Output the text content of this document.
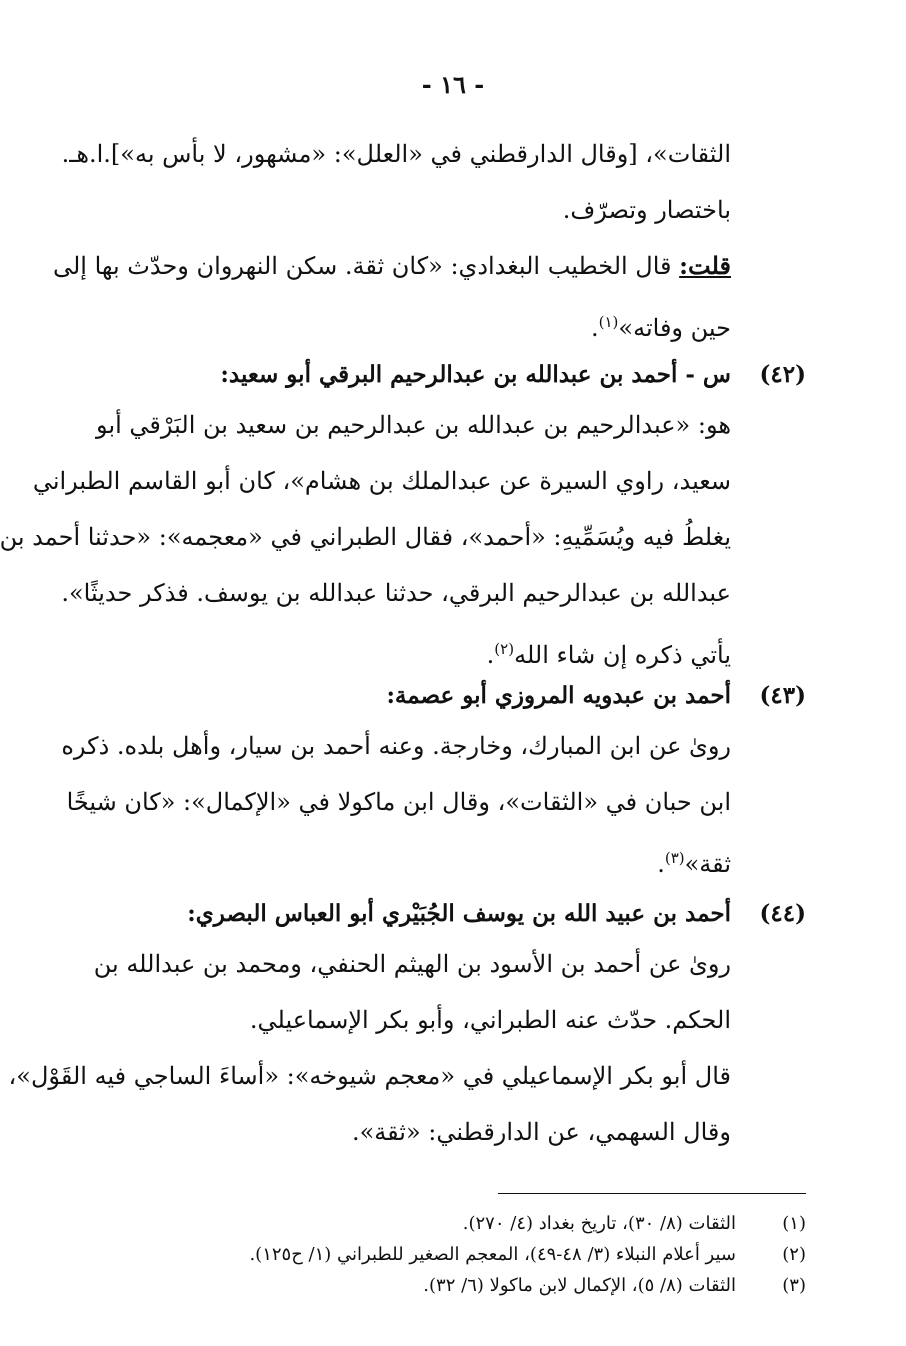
- ١٦ -
الثقات»، [وقال الدارقطني في «العلل»: «مشهور، لا بأس به»].ا.هـ.
باختصار وتصرّف.
قلت: قال الخطيب البغدادي: «كان ثقة. سكن النهروان وحدّث بها إلى
حين وفاته»$^{(١)}$.
(٤٢)
س - أحمد بن عبدالله بن عبدالرحيم البرقي أبو سعيد:
هو: «عبدالرحيم بن عبدالله بن عبدالرحيم بن سعيد بن البَرْقي أبو
سعيد، راوي السيرة عن عبدالملك بن هشام»، كان أبو القاسم الطبراني
يغلطُ فيه ويُسَمِّيهِ: «أحمد»، فقال الطبراني في «معجمه»: «حدثنا أحمد بن
عبدالله بن عبدالرحيم البرقي، حدثنا عبدالله بن يوسف. فذكر حديثًا».
يأتي ذكره إن شاء الله$^{(٢)}$.
(٤٣)
أحمد بن عبدويه المروزي أبو عصمة:
روىٰ عن ابن المبارك، وخارجة. وعنه أحمد بن سيار، وأهل بلده. ذكره
ابن حبان في «الثقات»، وقال ابن ماكولا في «الإكمال»: «كان شيخًا
ثقة»$^{(٣)}$.
(٤٤)
أحمد بن عبيد الله بن يوسف الجُبَيْري أبو العباس البصري:
روىٰ عن أحمد بن الأسود بن الهيثم الحنفي، ومحمد بن عبدالله بن
الحكم. حدّث عنه الطبراني، وأبو بكر الإسماعيلي.
قال أبو بكر الإسماعيلي في «معجم شيوخه»: «أساءَ الساجي فيه القَوْل»،
وقال السهمي، عن الدارقطني: «ثقة».
(١)
الثقات (٨/ ٣٠)، تاريخ بغداد (٤/ ٢٧٠).
(٢)
سير أعلام النبلاء (٣/ ٤٨-٤٩)، المعجم الصغير للطبراني (١/ ح١٢٥).
(٣)
الثقات (٨/ ٥)، الإكمال لابن ماكولا (٦/ ٣٢).
